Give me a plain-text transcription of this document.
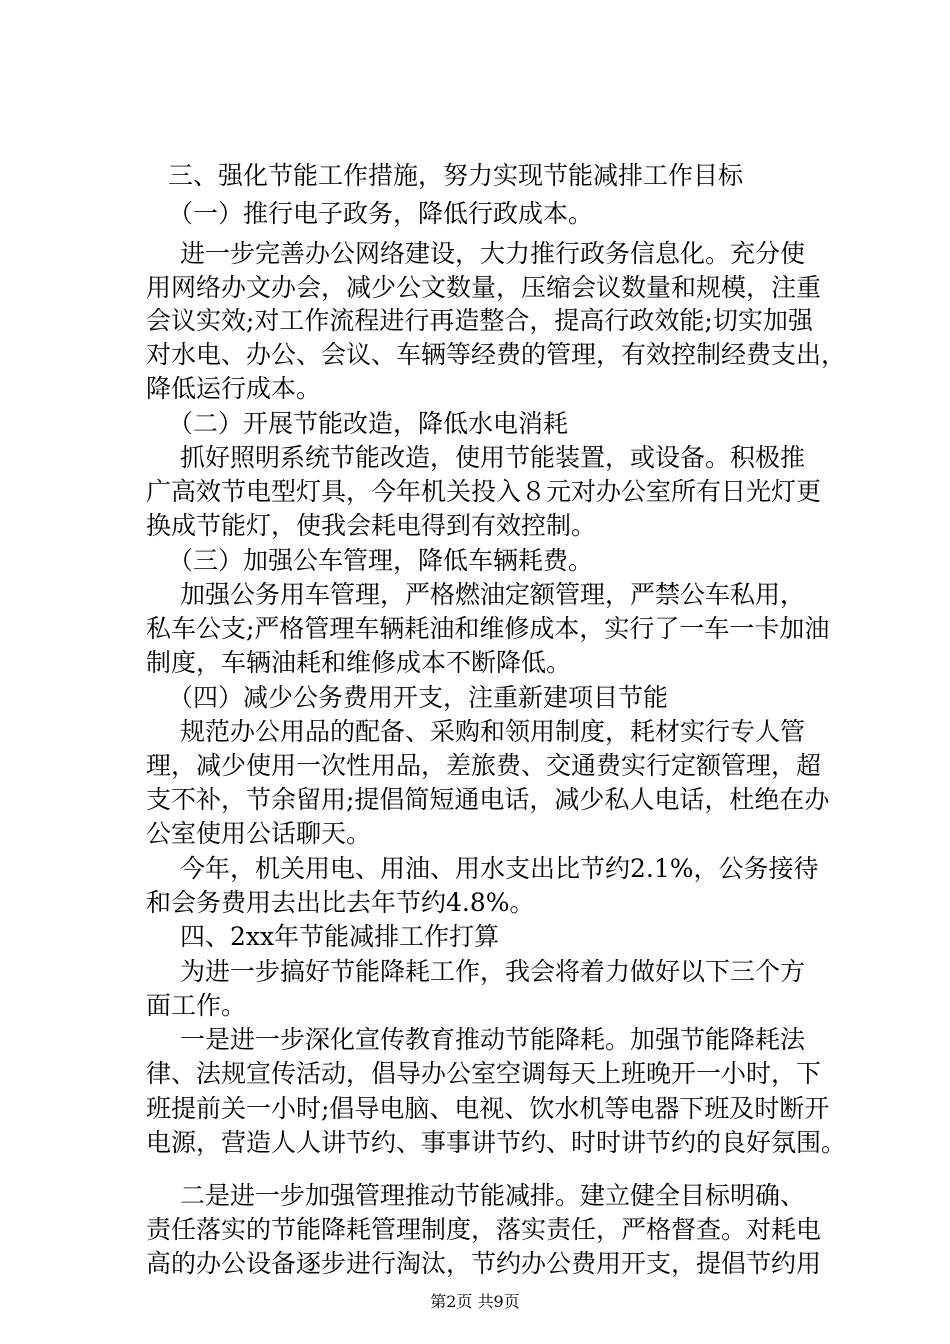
三、强化节能工作措施，努力实现节能减排工作目标
（一）推行电子政务，降低行政成本。
进一步完善办公网络建设，大力推行政务信息化。充分使
用网络办文办会，减少公文数量，压缩会议数量和规模，注重
会议实效;对工作流程进行再造整合，提高行政效能;切实加强
对水电、办公、会议、车辆等经费的管理，有效控制经费支出，
降低运行成本。
（二）开展节能改造，降低水电消耗
抓好照明系统节能改造，使用节能装置，或设备。积极推
广高效节电型灯具，今年机关投入８元对办公室所有日光灯更
换成节能灯，使我会耗电得到有效控制。
（三）加强公车管理，降低车辆耗费。
加强公务用车管理，严格燃油定额管理，严禁公车私用，
私车公支;严格管理车辆耗油和维修成本，实行了一车一卡加油
制度，车辆油耗和维修成本不断降低。
（四）减少公务费用开支，注重新建项目节能
规范办公用品的配备、采购和领用制度，耗材实行专人管
理，减少使用一次性用品，差旅费、交通费实行定额管理，超
支不补，节余留用;提倡简短通电话，减少私人电话，杜绝在办
公室使用公话聊天。
今年，机关用电、用油、用水支出比节约2.1%，公务接待
和会务费用去出比去年节约4.8%。
四、2xx年节能减排工作打算
为进一步搞好节能降耗工作，我会将着力做好以下三个方
面工作。
一是进一步深化宣传教育推动节能降耗。加强节能降耗法
律、法规宣传活动，倡导办公室空调每天上班晚开一小时，下
班提前关一小时;倡导电脑、电视、饮水机等电器下班及时断开
电源，营造人人讲节约、事事讲节约、时时讲节约的良好氛围。
二是进一步加强管理推动节能减排。建立健全目标明确、
责任落实的节能降耗管理制度，落实责任，严格督查。对耗电
高的办公设备逐步进行淘汰，节约办公费用开支，提倡节约用
第2页 共9页
